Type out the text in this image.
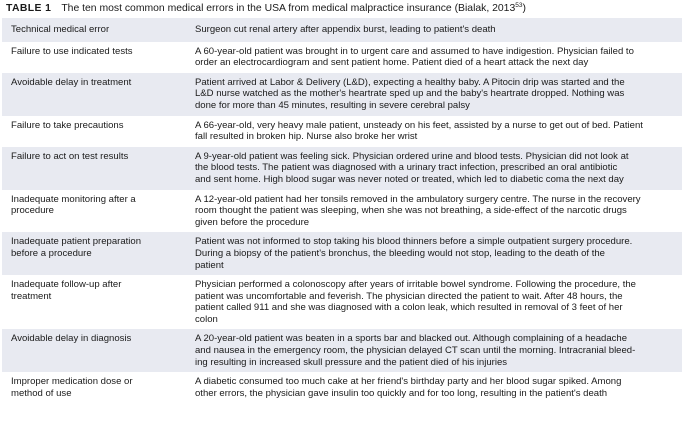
TABLE 1 The ten most common medical errors in the USA from medical malpractice insurance (Bialak, 2013$^{53}$)
Technical medical error	Surgeon cut renal artery after appendix burst, leading to patient's death

Failure to use indicated tests	A 60-year-old patient was brought in to urgent care and assumed to have indigestion. Physician failed to
order an electrocardiogram and sent patient home. Patient died of a heart attack the next day

Avoidable delay in treatment	Patient arrived at Labor & Delivery (L&D), expecting a healthy baby. A Pitocin drip was started and the
L&D nurse watched as the mother's heartrate sped up and the baby's heartrate dropped. Nothing was
done for more than 45 minutes, resulting in severe cerebral palsy

Failure to take precautions	A 66-year-old, very heavy male patient, unsteady on his feet, assisted by a nurse to get out of bed. Patient
fall resulted in broken hip. Nurse also broke her wrist

Failure to act on test results	A 9-year-old patient was feeling sick. Physician ordered urine and blood tests. Physician did not look at
the blood tests. The patient was diagnosed with a urinary tract infection, prescribed an oral antibiotic
and sent home. High blood sugar was never noted or treated, which led to diabetic coma the next day

Inadequate monitoring after a
procedure	A 12-year-old patient had her tonsils removed in the ambulatory surgery centre. The nurse in the recovery
room thought the patient was sleeping, when she was not breathing, a side-effect of the narcotic drugs
given before the procedure

Inadequate patient preparation
before a procedure	Patient was not informed to stop taking his blood thinners before a simple outpatient surgery procedure.
During a biopsy of the patient's bronchus, the bleeding would not stop, leading to the death of the
patient

Inadequate follow-up after
treatment	Physician performed a colonoscopy after years of irritable bowel syndrome. Following the procedure, the
patient was uncomfortable and feverish. The physician directed the patient to wait. After 48 hours, the
patient called 911 and she was diagnosed with a colon leak, which resulted in removal of 3 feet of her
colon

Avoidable delay in diagnosis	A 20-year-old patient was beaten in a sports bar and blacked out. Although complaining of a headache
and nausea in the emergency room, the physician delayed CT scan until the morning. Intracranial bleed-
ing resulting in increased skull pressure and the patient died of his injuries

Improper medication dose or
method of use	A diabetic consumed too much cake at her friend's birthday party and her blood sugar spiked. Among
other errors, the physician gave insulin too quickly and for too long, resulting in the patient's death
